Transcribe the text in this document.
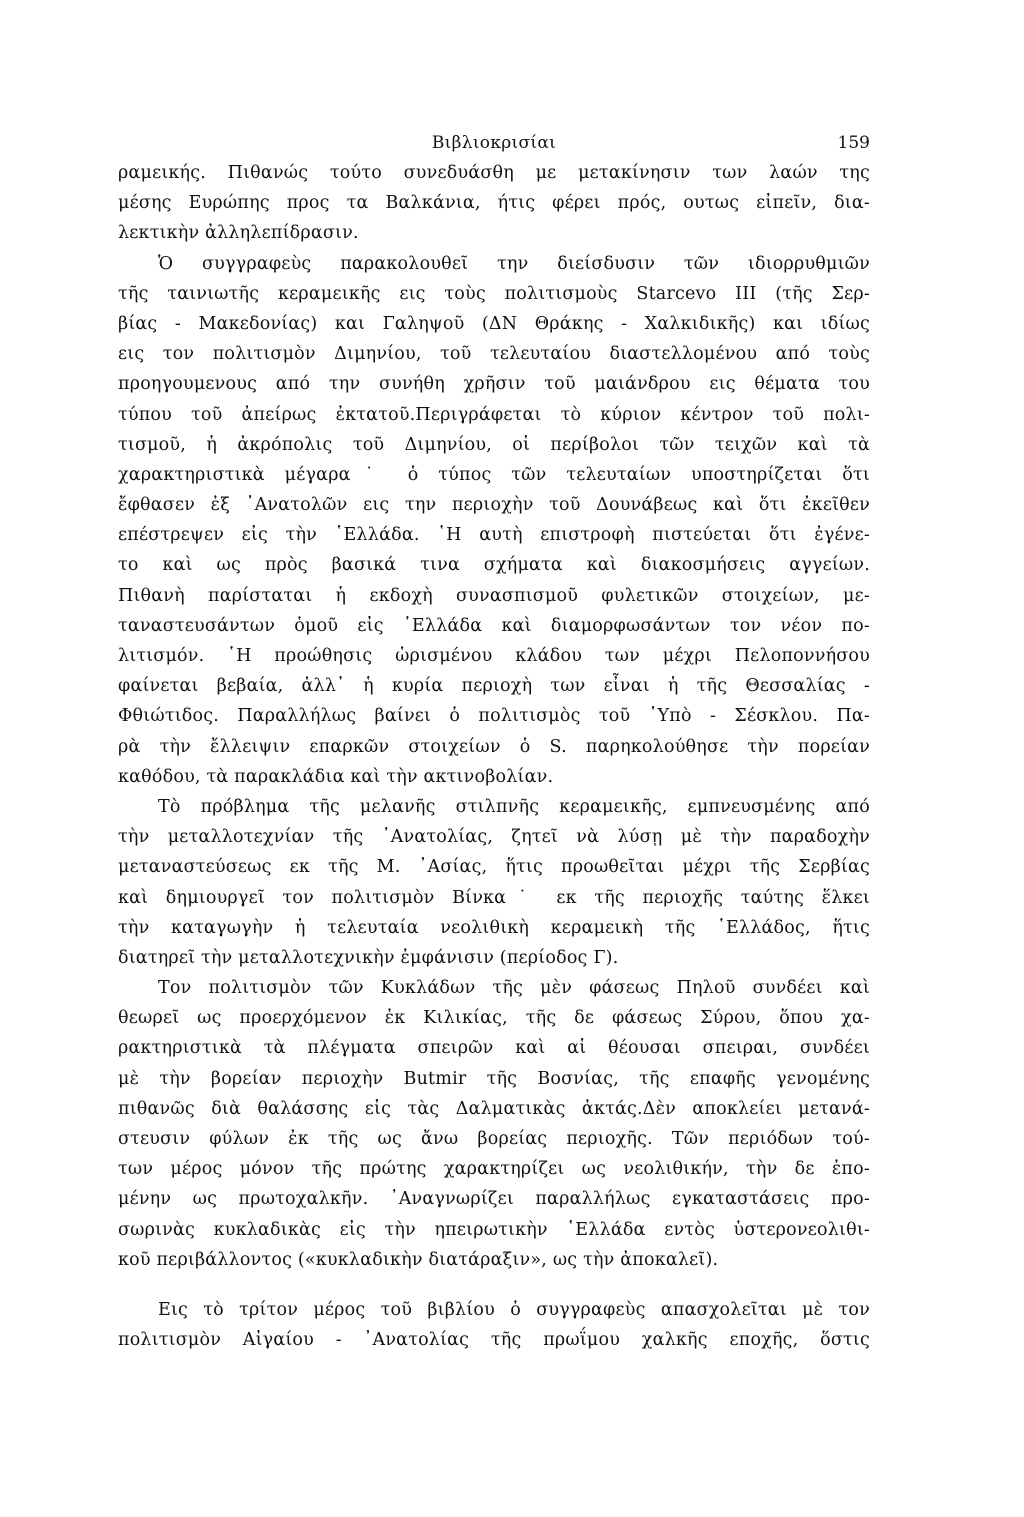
Βιβλιοκρισίαι	159
ραμεικής. Πιθανώς τούτο συνεδυάσθη με μετακίνησιν των λαών της
μέσης Ευρώπης προς τα Βαλκάνια, ήτις φέρει πρός, ουτως εἰπεῖν, δια-
λεκτικὴν ἀλληλεπίδρασιν.
Ὁ συγγραφεὺς παρακολουθεῖ την διείσδυσιν τῶν ιδιορρυθμιῶν
τῆς ταινιωτῆς κεραμεικῆς εις τοὺς πολιτισμοὺς Starcevo III (τῆς Σερ-
βίας - Μακεδονίας) και Γαληψοῦ (ΔΝ Θράκης - Χαλκιδικῆς) και ιδίως
εις τον πολιτισμὸν Διμηνίου, τοῦ τελευταίου διαστελλομένου από τοὺς
προηγουμενους από την συνήθη χρῆσιν τοῦ μαιάνδρου εις θέματα του
τύπου τοῦ ἀπείρως ἐκτατοῦ.Περιγράφεται τὸ κύριον κέντρον τοῦ πολι-
τισμοῦ, ἡ ἀκρόπολις τοῦ Διμηνίου, οἱ περίβολοι τῶν τειχῶν καὶ τὰ
χαρακτηριστικὰ μέγαρα˙ ὁ τύπος τῶν τελευταίων υποστηρίζεται ὅτι
ἔφθασεν ἐξ ᾿Ανατολῶν εις την περιοχὴν τοῦ Δουνάβεως καὶ ὅτι ἐκεῖθεν
επέστρεψεν εἰς τὴν ῾Ελλάδα. ῾Η αυτὴ επιστροφὴ πιστεύεται ὅτι ἐγένε-
το καὶ ως πρὸς βασικά τινα σχήματα καὶ διακοσμήσεις αγγείων.
Πιθανὴ παρίσταται ἡ εκδοχὴ συνασπισμοῦ φυλετικῶν στοιχείων, με-
ταναστευσάντων ὁμοῦ εἰς ῾Ελλάδα καὶ διαμορφωσάντων τον νέον πο-
λιτισμόν. ῾Η προώθησις ὡρισμένου κλάδου των μέχρι Πελοποννήσου
φαίνεται βεβαία, ἀλλ᾿ ἡ κυρία περιοχὴ των εἶναι ἡ τῆς Θεσσαλίας -
Φθιώτιδος. Παραλλήλως βαίνει ὁ πολιτισμὸς τοῦ ῾Υπὸ - Σέσκλου. Πα-
ρὰ τὴν ἔλλειψιν επαρκῶν στοιχείων ὁ S. παρηκολούθησε τὴν πορείαν
καθόδου, τὰ παρακλάδια καὶ τὴν ακτινοβολίαν.
Τὸ πρόβλημα τῆς μελανῆς στιλπνῆς κεραμεικῆς, εμπνευσμένης από
τὴν μεταλλοτεχνίαν τῆς ᾿Ανατολίας, ζητεῖ νὰ λύσῃ μὲ τὴν παραδοχὴν
μεταναστεύσεως εκ τῆς Μ. ᾿Ασίας, ἥτις προωθεῖται μέχρι τῆς Σερβίας
καὶ δημιουργεῖ τον πολιτισμὸν Βίνκα˙ εκ τῆς περιοχῆς ταύτης ἕλκει
τὴν καταγωγὴν ἡ τελευταία νεολιθικὴ κεραμεικὴ τῆς ῾Ελλάδος, ἥτις
διατηρεῖ τὴν μεταλλοτεχνικὴν ἐμφάνισιν (περίοδος Γ).
Τον πολιτισμὸν τῶν Κυκλάδων τῆς μὲν φάσεως Πηλοῦ συνδέει καὶ
θεωρεῖ ως προερχόμενον ἐκ Κιλικίας, τῆς δε φάσεως Σύρου, ὅπου χα-
ρακτηριστικὰ τὰ πλέγματα σπειρῶν καὶ αἱ θέουσαι σπειραι, συνδέει
μὲ τὴν βορείαν περιοχὴν Butmir τῆς Βοσνίας, τῆς επαφῆς γενομένης
πιθανῶς διὰ θαλάσσης εἰς τὰς Δαλματικὰς ἀκτάς.Δὲν αποκλείει μετανά-
στευσιν φύλων ἐκ τῆς ως ἄνω βορείας περιοχῆς. Τῶν περιόδων τού-
των μέρος μόνον τῆς πρώτης χαρακτηρίζει ως νεολιθικήν, τὴν δε ἑπο-
μένην ως πρωτοχαλκῆν. ᾿Αναγνωρίζει παραλλήλως εγκαταστάσεις προ-
σωρινὰς κυκλαδικὰς εἰς τὴν ηπειρωτικὴν ῾Ελλάδα εντὸς ὑστερονεολιθι-
κοῦ περιβάλλοντος («κυκλαδικὴν διατάραξιν», ως τὴν ἀποκαλεῖ).
Εις τὸ τρίτον μέρος τοῦ βιβλίου ὁ συγγραφεὺς απασχολεῖται μὲ τον
πολιτισμὸν Αἰγαίου - ᾿Ανατολίας τῆς πρωΐμου χαλκῆς εποχῆς, ὅστις
